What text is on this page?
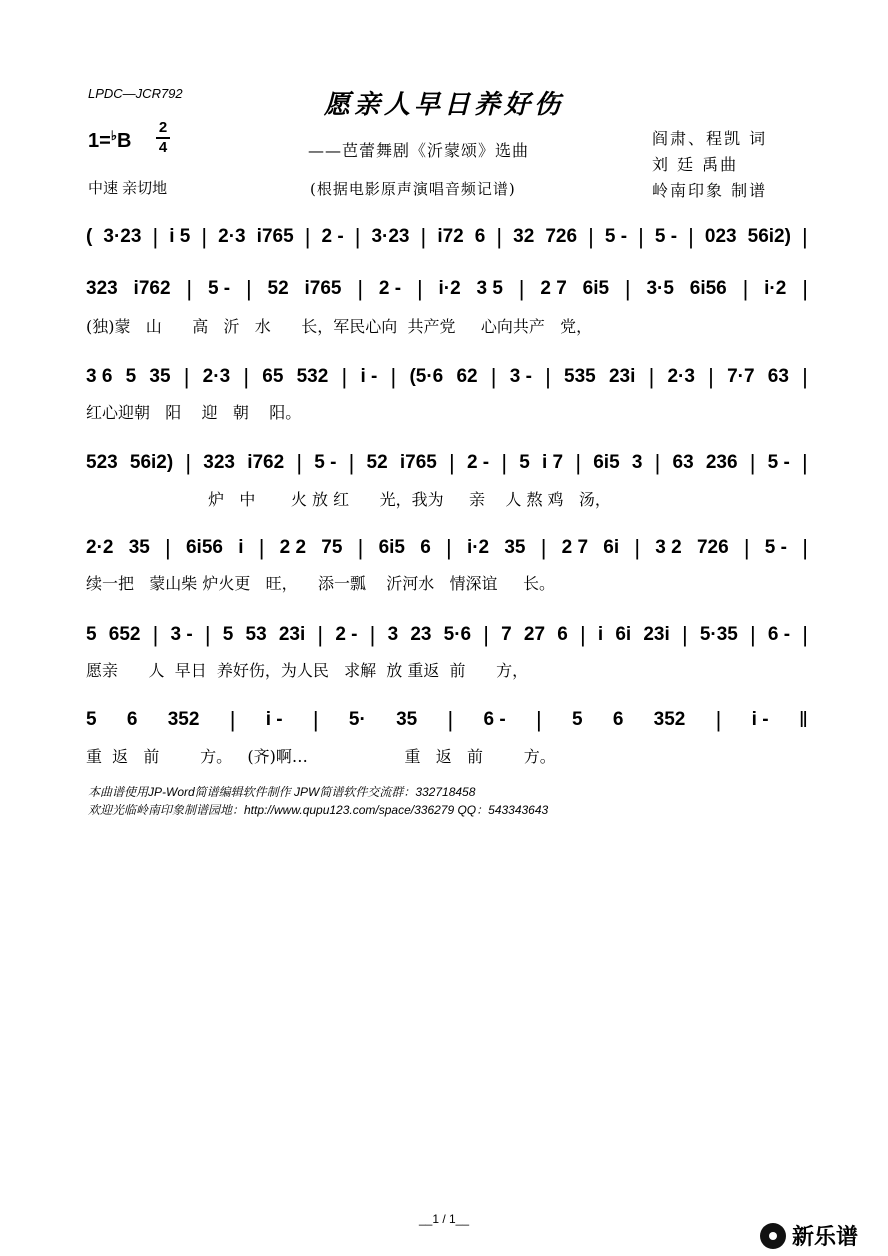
LPDC—JCR792	愿亲人早日养好伤
1=♭B
2
4	——芭蕾舞剧《沂蒙颂》选曲
(根据电影原声演唱音频记谱)
阎肃、程凯 词
刘 廷 禹曲
岭南印象 制谱
中速 亲切地
( 3·23 | i 5 | 2·3 i765 | 2 - | 3·23 | i72 6 | 32 726 | 5 - | 5 - | 023 56i2) |
323 i762 | 5 - | 52 i765 | 2 - | i·2 3 5 | 2 7 6i5 | 3·5 6i56 | i·2 |
(独)蒙   山      高   沂   水      长，军民心向  共产党     心向共产   党，
3 6 5 35 | 2·3 | 65 532 | i - | (5·6 62 | 3 - | 535 23i | 2·3 | 7·7 63 |
红心迎朝   阳    迎   朝    阳。
523 56i2) | 323 i762 | 5 - | 52 i765 | 2 - | 5 i 7 | 6i5 3 | 63 236 | 5 - |
炉   中       火 放 红      光，我为     亲    人 熬 鸡   汤，
2·2 35 | 6i56 i | 2 2 75 | 6i5 6 | i·2 35 | 2 7 6i | 3 2 726 | 5 - |
续一把   蒙山柴 炉火更   旺，    添一瓢    沂河水   情深谊     长。
5 652 | 3 - | 5 53 23i | 2 - | 3 23 5·6 | 7 27 6 | i 6i 23i | 5·35 | 6 - |
愿亲      人  早日  养好伤，为人民   求解  放 重返  前      方，
5 6 352 | i - | 5· 35 | 6 - | 5 6 352 | i - ‖
重  返   前        方。   (齐)啊…                   重   返   前        方。
本曲谱使用JP-Word简谱编辑软件制作 JPW简谱软件交流群：332718458
欢迎光临岭南印象制谱园地：http://www.qupu123.com/space/336279 QQ：543343643
__1 / 1__
新乐谱
